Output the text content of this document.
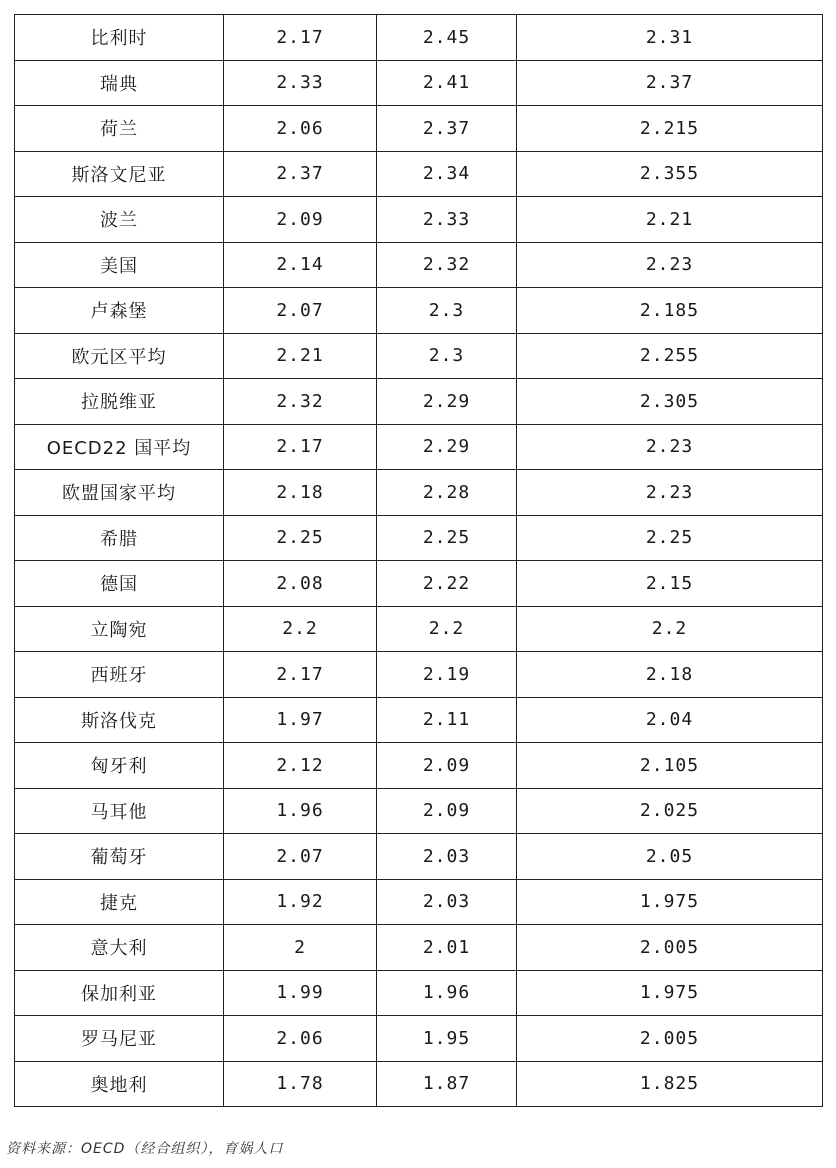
比利时	2.17	2.45	2.31
瑞典	2.33	2.41	2.37
荷兰	2.06	2.37	2.215
斯洛文尼亚	2.37	2.34	2.355
波兰	2.09	2.33	2.21
美国	2.14	2.32	2.23
卢森堡	2.07	2.3	2.185
欧元区平均	2.21	2.3	2.255
拉脱维亚	2.32	2.29	2.305
OECD22 国平均	2.17	2.29	2.23
欧盟国家平均	2.18	2.28	2.23
希腊	2.25	2.25	2.25
德国	2.08	2.22	2.15
立陶宛	2.2	2.2	2.2
西班牙	2.17	2.19	2.18
斯洛伐克	1.97	2.11	2.04
匈牙利	2.12	2.09	2.105
马耳他	1.96	2.09	2.025
葡萄牙	2.07	2.03	2.05
捷克	1.92	2.03	1.975
意大利	2	2.01	2.005
保加利亚	1.99	1.96	1.975
罗马尼亚	2.06	1.95	2.005
奥地利	1.78	1.87	1.825
资料来源：OECD（经合组织），育娲人口
